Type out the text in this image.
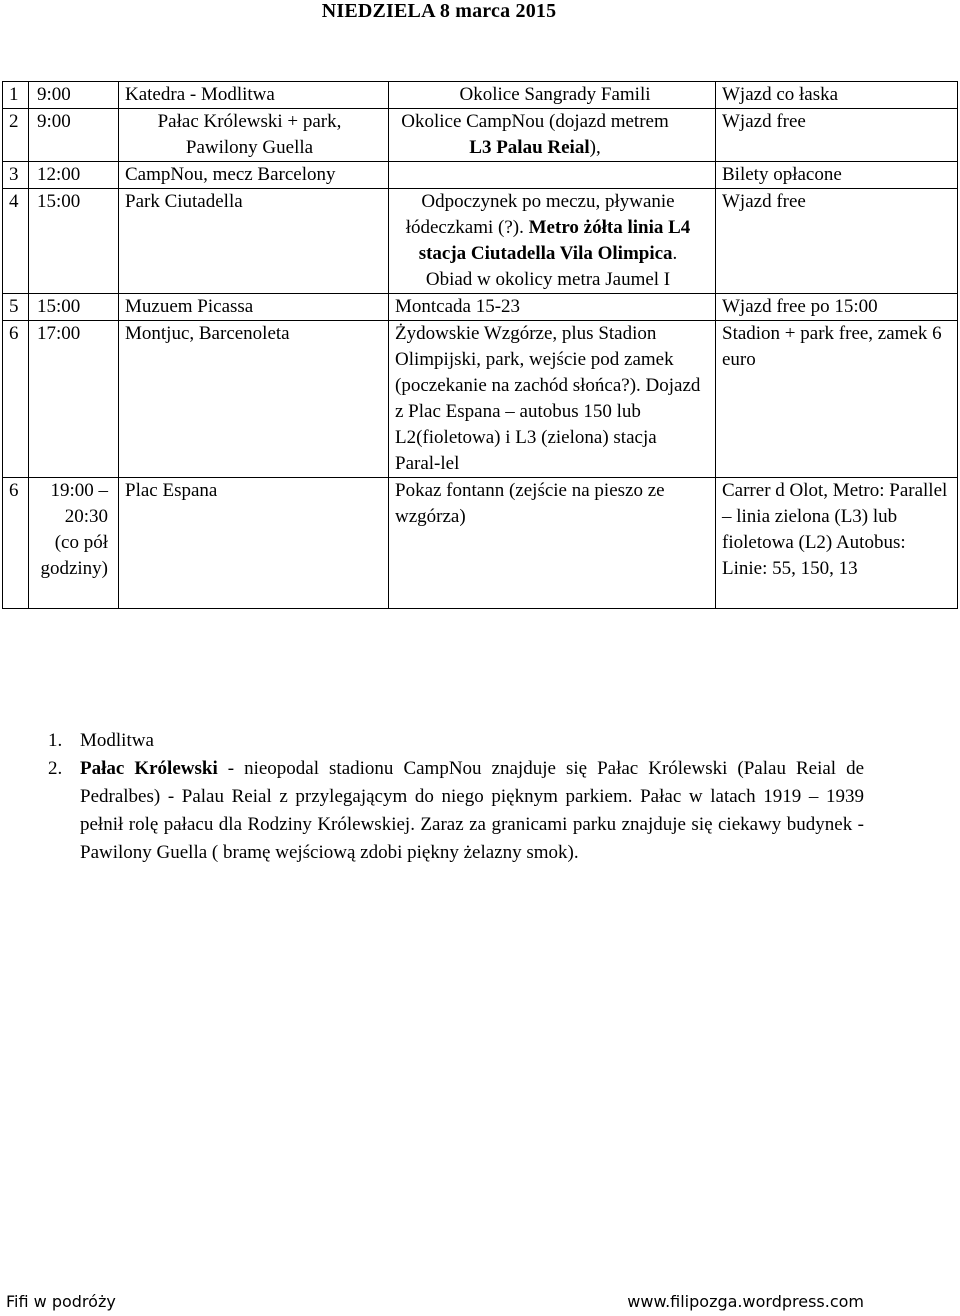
NIEDZIELA 8 marca 2015
1	9:00	Katedra - Modlitwa	Okolice Sangrady Famili	Wjazd co łaska
2	9:00	Pałac Królewski + park, Pawilony Guella	Okolice CampNou (dojazd metrem L3 Palau Reial),	Wjazd free
3	12:00	CampNou, mecz Barcelony		Bilety opłacone
4	15:00	Park Ciutadella	Odpoczynek po meczu, pływanie łódeczkami (?). Metro żółta linia L4 stacja Ciutadella Vila Olimpica. Obiad w okolicy metra Jaumel I	Wjazd free
5	15:00	Muzuem Picassa	Montcada 15-23	Wjazd free po 15:00
6	17:00	Montjuc, Barcenoleta	Żydowskie Wzgórze, plus Stadion Olimpijski, park, wejście pod zamek (poczekanie na zachód słońca?). Dojazd z Plac Espana – autobus 150 lub L2(fioletowa) i L3 (zielona) stacja Paral-lel	Stadion + park free, zamek 6 euro
6	19:00 – 20:30 (co pół godziny)	Plac Espana	Pokaz fontann (zejście na pieszo ze wzgórza)	Carrer d Olot, Metro: Parallel – linia zielona (L3) lub fioletowa (L2) Autobus: Linie: 55, 150, 13
1. Modlitwa
2. Pałac Królewski - nieopodal stadionu CampNou znajduje się Pałac Królewski (Palau Reial de Pedralbes) - Palau Reial z przylegającym do niego pięknym parkiem. Pałac w latach 1919 – 1939 pełnił rolę pałacu dla Rodziny Królewskiej. Zaraz za granicami parku znajduje się ciekawy budynek - Pawilony Guella ( bramę wejściową zdobi piękny żelazny smok).
Fifi w podróży	www.filipozga.wordpress.com
